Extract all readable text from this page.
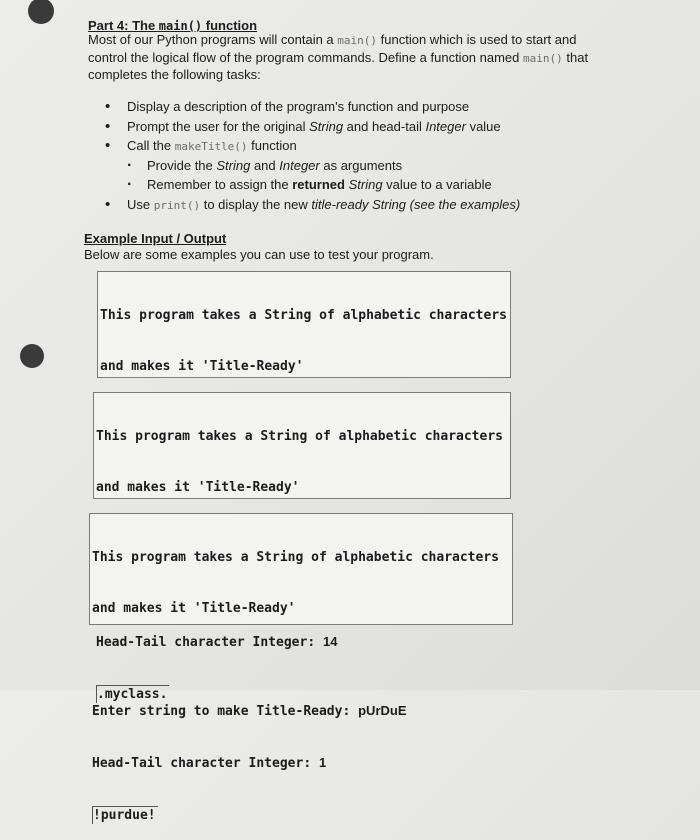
Part 4: The main() function
Most of our Python programs will contain a main() function which is used to start and
control the logical flow of the program commands. Define a function named main() that
completes the following tasks:
• Display a description of the program's function and purpose
• Prompt the user for the original String and head-tail Integer value
• Call the makeTitle() function
· Provide the String and Integer as arguments
· Remember to assign the returned String value to a variable
• Use print() to display the new title-ready String (see the examples)
Example Input / Output
Below are some examples you can use to test your program.

This program takes a String of alphabetic characters

and makes it 'Title-Ready'

This program takes a String of alphabetic characters

and makes it 'Title-Ready'

Head-Tail character Integer: 14

.myclass.

This program takes a String of alphabetic characters

and makes it 'Title-Ready'

Enter string to make Title-Ready: pUrDuE

Head-Tail character Integer: 1

!purdue!
